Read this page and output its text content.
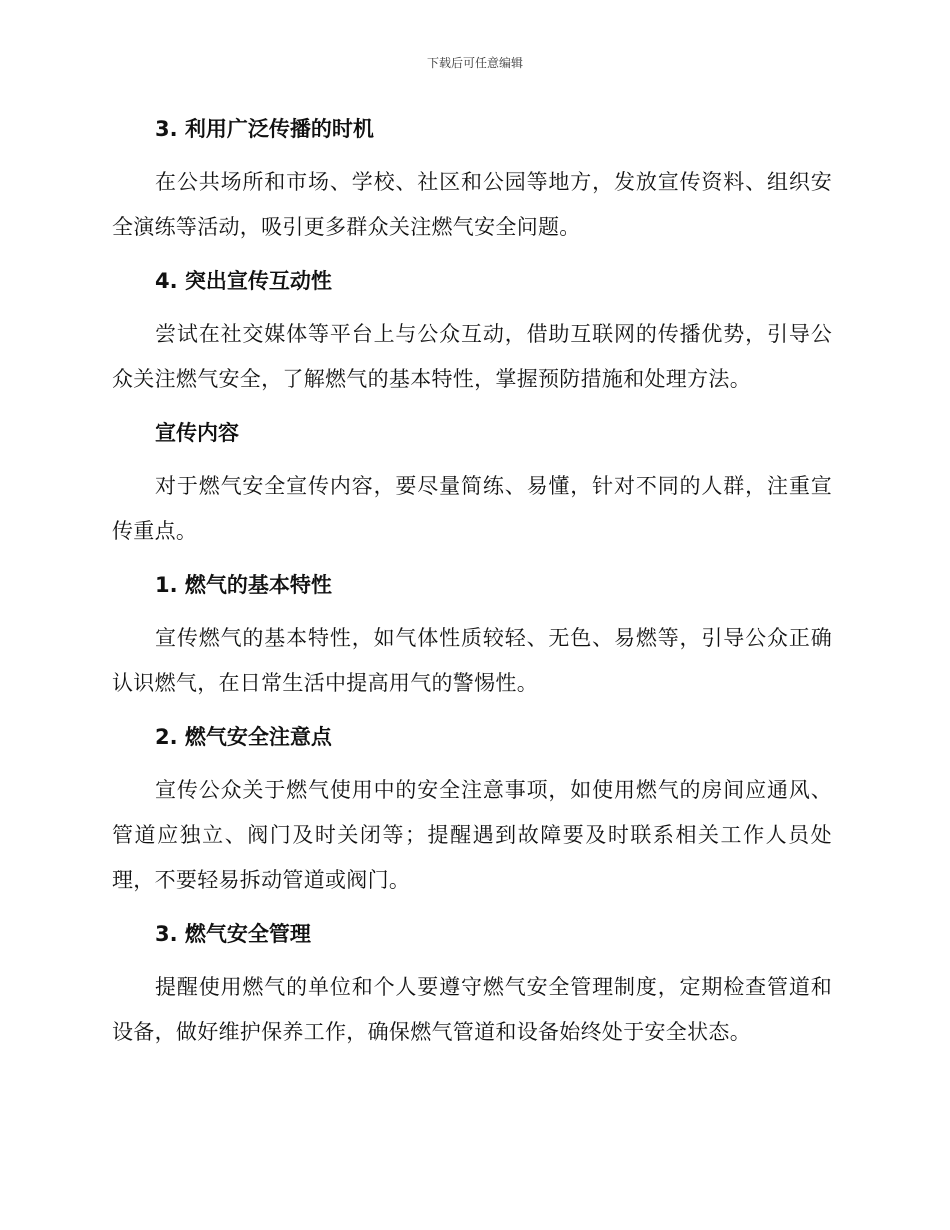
下载后可任意编辑
3. 利用广泛传播的时机
在公共场所和市场、学校、社区和公园等地方，发放宣传资料、组织安全演练等活动，吸引更多群众关注燃气安全问题。
4. 突出宣传互动性
尝试在社交媒体等平台上与公众互动，借助互联网的传播优势，引导公众关注燃气安全，了解燃气的基本特性，掌握预防措施和处理方法。
宣传内容
对于燃气安全宣传内容，要尽量简练、易懂，针对不同的人群，注重宣传重点。
1. 燃气的基本特性
宣传燃气的基本特性，如气体性质较轻、无色、易燃等，引导公众正确认识燃气，在日常生活中提高用气的警惕性。
2. 燃气安全注意点
宣传公众关于燃气使用中的安全注意事项，如使用燃气的房间应通风、管道应独立、阀门及时关闭等；提醒遇到故障要及时联系相关工作人员处理，不要轻易拆动管道或阀门。
3. 燃气安全管理
提醒使用燃气的单位和个人要遵守燃气安全管理制度，定期检查管道和设备，做好维护保养工作，确保燃气管道和设备始终处于安全状态。
